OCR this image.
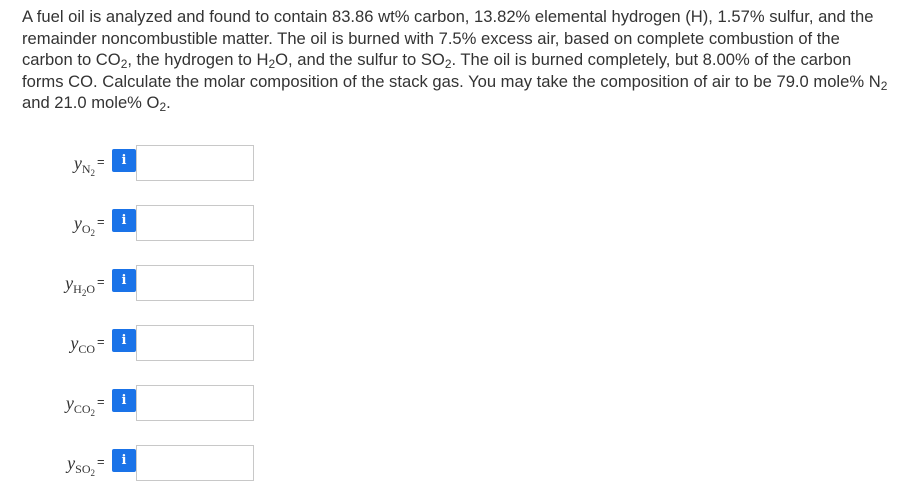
A fuel oil is analyzed and found to contain 83.86 wt% carbon, 13.82% elemental hydrogen (H), 1.57% sulfur, and the remainder noncombustible matter. The oil is burned with 7.5% excess air, based on complete combustion of the carbon to $CO_2$, the hydrogen to $H_2O$, and the sulfur to $SO_2$. The oil is burned completely, but 8.00% of the carbon forms CO. Calculate the molar composition of the stack gas. You may take the composition of air to be 79.0 mole% $N_2$ and 21.0 mole% $O_2$.
$y_{N_2}$
=	i
$y_{O_2}$
=	i
$y_{H_2O}$ =	i
$y_{CO}$ =	i
$y_{CO_2}$
=	i
$y_{SO_2}$
=	i
